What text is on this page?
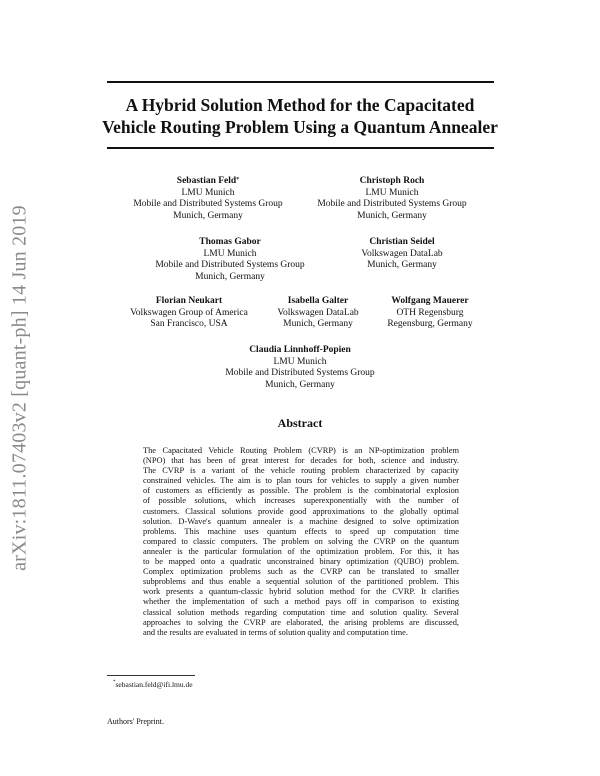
arXiv:1811.07403v2 [quant-ph] 14 Jun 2019
A Hybrid Solution Method for the Capacitated
Vehicle Routing Problem Using a Quantum Annealer
Sebastian Feld*
LMU Munich
Mobile and Distributed Systems Group
Munich, Germany
Christoph Roch
LMU Munich
Mobile and Distributed Systems Group
Munich, Germany
Thomas Gabor
LMU Munich
Mobile and Distributed Systems Group
Munich, Germany
Christian Seidel
Volkswagen DataLab
Munich, Germany
Florian Neukart
Volkswagen Group of America
San Francisco, USA
Isabella Galter
Volkswagen DataLab
Munich, Germany
Wolfgang Mauerer
OTH Regensburg
Regensburg, Germany
Claudia Linnhoff-Popien
LMU Munich
Mobile and Distributed Systems Group
Munich, Germany
Abstract
The Capacitated Vehicle Routing Problem (CVRP) is an NP-optimization problem
(NPO) that has been of great interest for decades for both, science and industry.
The CVRP is a variant of the vehicle routing problem characterized by capacity
constrained vehicles. The aim is to plan tours for vehicles to supply a given number
of customers as efficiently as possible. The problem is the combinatorial explosion
of possible solutions, which increases superexponentially with the number of
customers. Classical solutions provide good approximations to the globally optimal
solution. D-Wave's quantum annealer is a machine designed to solve optimization
problems. This machine uses quantum effects to speed up computation time
compared to classic computers. The problem on solving the CVRP on the quantum
annealer is the particular formulation of the optimization problem. For this, it has
to be mapped onto a quadratic unconstrained binary optimization (QUBO) problem.
Complex optimization problems such as the CVRP can be translated to smaller
subproblems and thus enable a sequential solution of the partitioned problem. This
work presents a quantum-classic hybrid solution method for the CVRP. It clarifies
whether the implementation of such a method pays off in comparison to existing
classical solution methods regarding computation time and solution quality. Several
approaches to solving the CVRP are elaborated, the arising problems are discussed,
and the results are evaluated in terms of solution quality and computation time.
*sebastian.feld@ifi.lmu.de
Authors' Preprint.
